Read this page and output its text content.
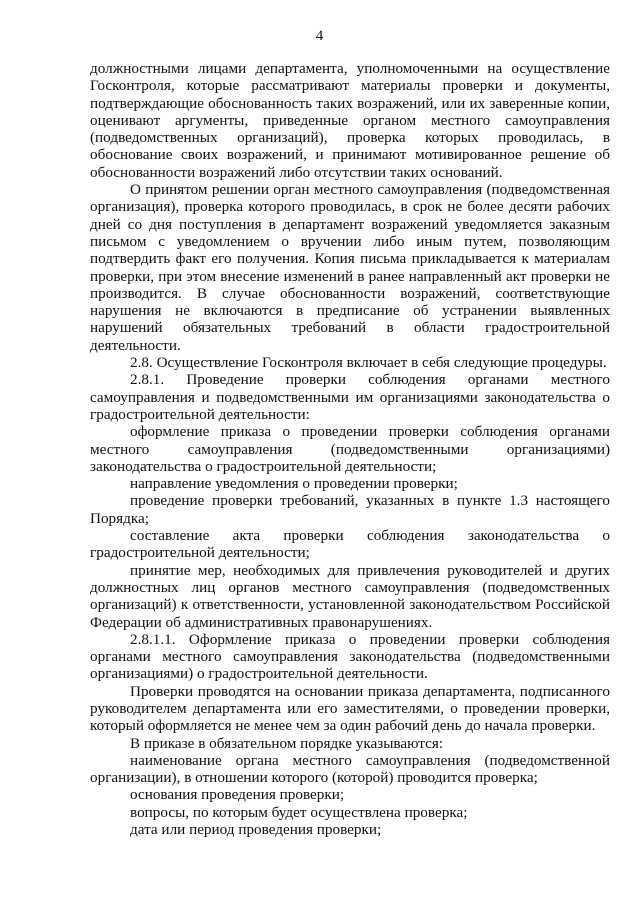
4

должностными лицами департамента, уполномоченными на осуществление Госконтроля, которые рассматривают материалы проверки и документы, подтверждающие обоснованность таких возражений, или их заверенные копии, оценивают аргументы, приведенные органом местного самоуправления (подведомственных организаций), проверка которых проводилась, в обоснование своих возражений, и принимают мотивированное решение об обоснованности возражений либо отсутствии таких оснований.

О принятом решении орган местного самоуправления (подведомственная организация), проверка которого проводилась, в срок не более десяти рабочих дней со дня поступления в департамент возражений уведомляется заказным письмом с уведомлением о вручении либо иным путем, позволяющим подтвердить факт его получения. Копия письма прикладывается к материалам проверки, при этом внесение изменений в ранее направленный акт проверки не производится. В случае обоснованности возражений, соответствующие нарушения не включаются в предписание об устранении выявленных нарушений обязательных требований в области градостроительной деятельности.

2.8. Осуществление Госконтроля включает в себя следующие процедуры.

2.8.1. Проведение проверки соблюдения органами местного самоуправления и подведомственными им организациями законодательства о градостроительной деятельности:

оформление приказа о проведении проверки соблюдения органами местного самоуправления (подведомственными организациями) законодательства о градостроительной деятельности;

направление уведомления о проведении проверки;

проведение проверки требований, указанных в пункте 1.3 настоящего Порядка;

составление акта проверки соблюдения законодательства о градостроительной деятельности;

принятие мер, необходимых для привлечения руководителей и других должностных лиц органов местного самоуправления (подведомственных организаций) к ответственности, установленной законодательством Российской Федерации об административных правонарушениях.

2.8.1.1. Оформление приказа о проведении проверки соблюдения органами местного самоуправления законодательства (подведомственными организациями) о градостроительной деятельности.

Проверки проводятся на основании приказа департамента, подписанного руководителем департамента или его заместителями, о проведении проверки, который оформляется не менее чем за один рабочий день до начала проверки.

В приказе в обязательном порядке указываются:

наименование органа местного самоуправления (подведомственной организации), в отношении которого (которой) проводится проверка;

основания проведения проверки;

вопросы, по которым будет осуществлена проверка;

дата или период проведения проверки;
